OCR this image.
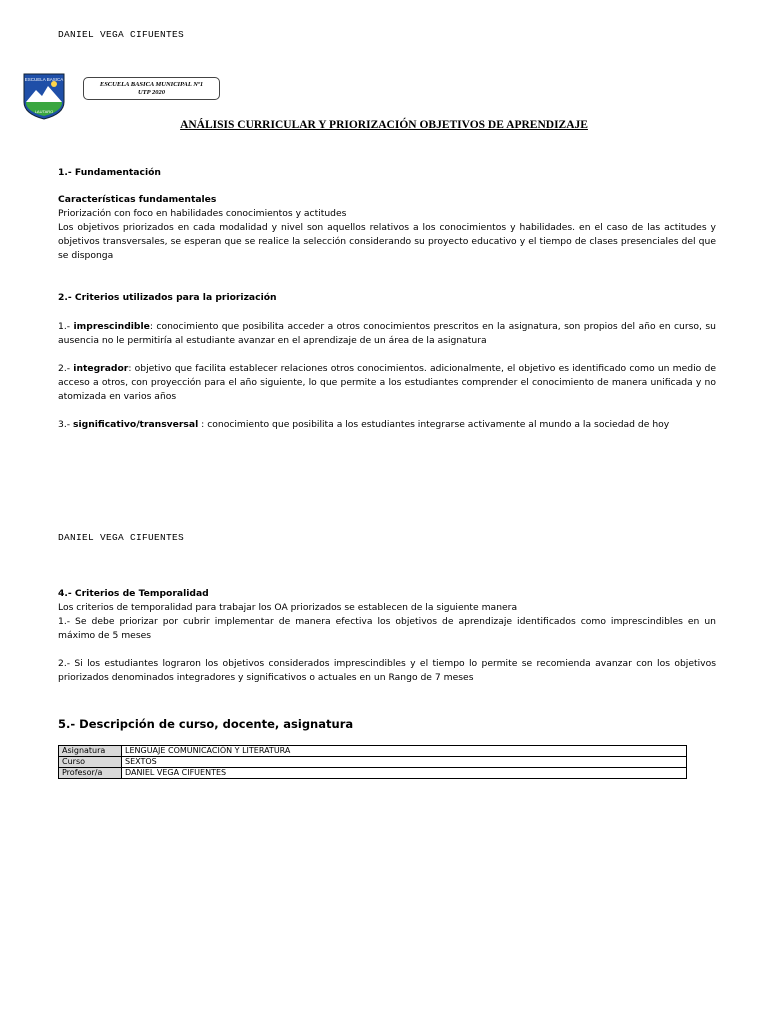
DANIEL VEGA CIFUENTES
ESCUELA BASICA
LAUTARO
ESCUELA BASICA MUNICIPAL Nº1
UTP 2020
ANÁLISIS CURRICULAR Y PRIORIZACIÓN OBJETIVOS DE APRENDIZAJE
1.- Fundamentación
Características fundamentales
Priorización con foco en habilidades conocimientos y actitudes
Los objetivos priorizados en cada modalidad y nivel son aquellos relativos a los conocimientos y habilidades. en el caso de las actitudes y objetivos transversales, se esperan que se realice la selección considerando su proyecto educativo y el tiempo de clases presenciales del que se disponga
2.- Criterios utilizados para la priorización
1.- imprescindible: conocimiento que posibilita acceder a otros conocimientos prescritos en la asignatura, son propios del año en curso, su ausencia no le permitiría al estudiante avanzar en el aprendizaje de un área de la asignatura
2.- integrador: objetivo que facilita establecer relaciones otros conocimientos. adicionalmente, el objetivo es identificado como un medio de acceso a otros, con proyección para el año siguiente, lo que permite a los estudiantes comprender el conocimiento de manera unificada y no atomizada en varios años
3.- significativo/transversal : conocimiento que posibilita a los estudiantes integrarse activamente al mundo a la sociedad de hoy
DANIEL VEGA CIFUENTES
4.- Criterios de Temporalidad
Los criterios de temporalidad para trabajar los OA priorizados se establecen de la siguiente manera
1.- Se debe priorizar por cubrir implementar de manera efectiva los objetivos de aprendizaje identificados como imprescindibles en un máximo de 5 meses
2.- Si los estudiantes lograron los objetivos considerados imprescindibles y el tiempo lo permite se recomienda avanzar con los objetivos priorizados denominados integradores y significativos o actuales en un Rango de 7 meses
5.- Descripción de curso, docente, asignatura
Asignatura	LENGUAJE COMUNICACIÓN Y LITERATURA
Curso	SEXTOS
Profesor/a	DANIEL VEGA CIFUENTES
